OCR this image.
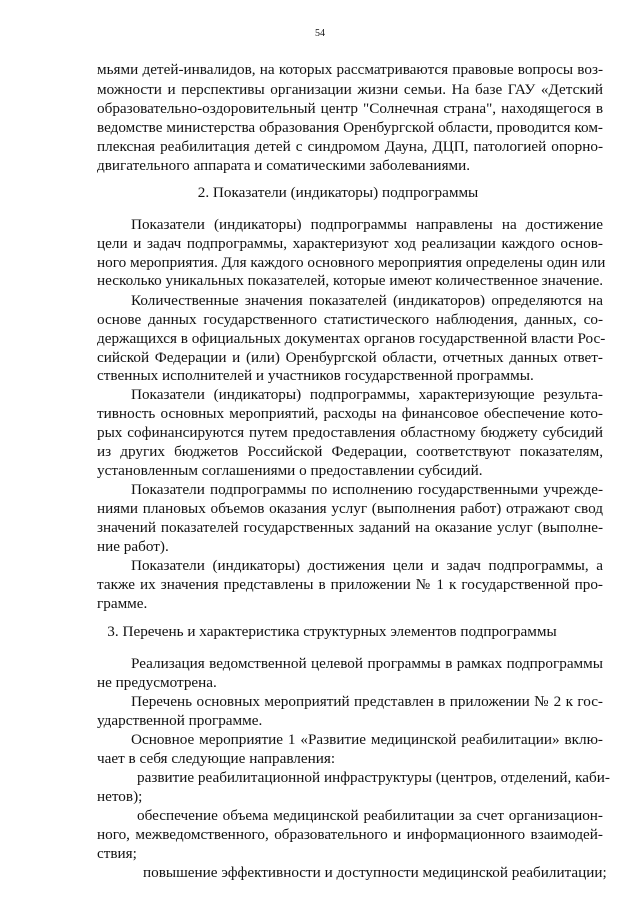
54
мьями детей-инвалидов, на которых рассматриваются правовые вопросы воз-
можности и перспективы организации жизни семьи. На базе ГАУ «Детский
образовательно-оздоровительный центр "Солнечная страна", находящегося в
ведомстве министерства образования Оренбургской области, проводится ком-
плексная реабилитация детей с синдромом Дауна, ДЦП, патологией опорно-
двигательного аппарата и соматическими заболеваниями.
2. Показатели (индикаторы) подпрограммы
Показатели (индикаторы) подпрограммы направлены на достижение
цели и задач подпрограммы, характеризуют ход реализации каждого основ-
ного мероприятия. Для каждого основного мероприятия определены один или
несколько уникальных показателей, которые имеют количественное значение.
Количественные значения показателей (индикаторов) определяются на
основе данных государственного статистического наблюдения, данных, со-
держащихся в официальных документах органов государственной власти Рос-
сийской Федерации и (или) Оренбургской области, отчетных данных ответ-
ственных исполнителей и участников государственной программы.
Показатели (индикаторы) подпрограммы, характеризующие результа-
тивность основных мероприятий, расходы на финансовое обеспечение кото-
рых софинансируются путем предоставления областному бюджету субсидий
из других бюджетов Российской Федерации, соответствуют показателям,
установленным соглашениями о предоставлении субсидий.
Показатели подпрограммы по исполнению государственными учрежде-
ниями плановых объемов оказания услуг (выполнения работ) отражают свод
значений показателей государственных заданий на оказание услуг (выполне-
ние работ).
Показатели (индикаторы) достижения цели и задач подпрограммы, а
также их значения представлены в приложении № 1 к государственной про-
грамме.
3. Перечень и характеристика структурных элементов подпрограммы
Реализация ведомственной целевой программы в рамках подпрограммы
не предусмотрена.
Перечень основных мероприятий представлен в приложении № 2 к гос-
ударственной программе.
Основное мероприятие 1 «Развитие медицинской реабилитации» вклю-
чает в себя следующие направления:
развитие реабилитационной инфраструктуры (центров, отделений, каби-
нетов);
обеспечение объема медицинской реабилитации за счет организацион-
ного, межведомственного, образовательного и информационного взаимодей-
ствия;
повышение эффективности и доступности медицинской реабилитации;
